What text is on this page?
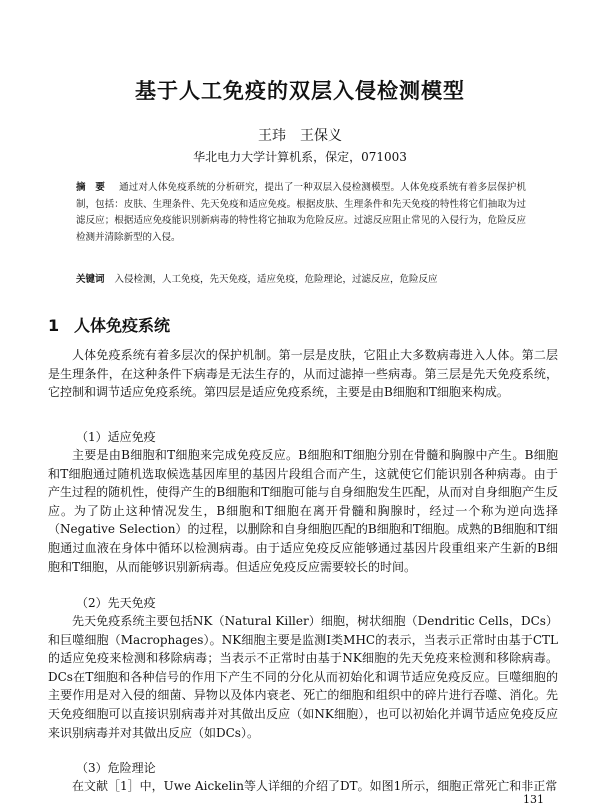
基于人工免疫的双层入侵检测模型
王玮　王保义
华北电力大学计算机系，保定，071003
摘　要 通过对人体免疫系统的分析研究，提出了一种双层入侵检测模型。人体免疫系统有着多层保护机制，包括：皮肤、生理条件、先天免疫和适应免疫。根据皮肤、生理条件和先天免疫的特性将它们抽取为过滤反应；根据适应免疫能识别新病毒的特性将它抽取为危险反应。过滤反应阻止常见的入侵行为，危险反应检测并清除新型的入侵。
关键词 入侵检测，人工免疫，先天免疫，适应免疫，危险理论，过滤反应，危险反应
1 人体免疫系统

人体免疫系统有着多层次的保护机制。第一层是皮肤，它阻止大多数病毒进入人体。第二层是生理条件，在这种条件下病毒是无法生存的，从而过滤掉一些病毒。第三层是先天免疫系统，它控制和调节适应免疫系统。第四层是适应免疫系统，主要是由B细胞和T细胞来构成。

（1）适应免疫

主要是由B细胞和T细胞来完成免疫反应。B细胞和T细胞分别在骨髓和胸腺中产生。B细胞和T细胞通过随机选取候选基因库里的基因片段组合而产生，这就使它们能识别各种病毒。由于产生过程的随机性，使得产生的B细胞和T细胞可能与自身细胞发生匹配，从而对自身细胞产生反应。为了防止这种情况发生，B细胞和T细胞在离开骨髓和胸腺时，经过一个称为逆向选择（Negative Selection）的过程，以删除和自身细胞匹配的B细胞和T细胞。成熟的B细胞和T细胞通过血液在身体中循环以检测病毒。由于适应免疫反应能够通过基因片段重组来产生新的B细胞和T细胞，从而能够识别新病毒。但适应免疫反应需要较长的时间。

（2）先天免疫

先天免疫系统主要包括NK（Natural Killer）细胞，树状细胞（Dendritic Cells，DCs）和巨噬细胞（Macrophages）。NK细胞主要是监测Ⅰ类MHC的表示，当表示正常时由基于CTL的适应免疫来检测和移除病毒；当表示不正常时由基于NK细胞的先天免疫来检测和移除病毒。DCs在T细胞和各种信号的作用下产生不同的分化从而初始化和调节适应免疫反应。巨噬细胞的主要作用是对入侵的细菌、异物以及体内衰老、死亡的细胞和组织中的碎片进行吞噬、消化。先天免疫细胞可以直接识别病毒并对其做出反应（如NK细胞），也可以初始化并调节适应免疫反应来识别病毒并对其做出反应（如DCs）。

（3）危险理论

在文献［1］中，Uwe Aickelin等人详细的介绍了DT。如图1所示，细胞正常死亡和非正常

131
